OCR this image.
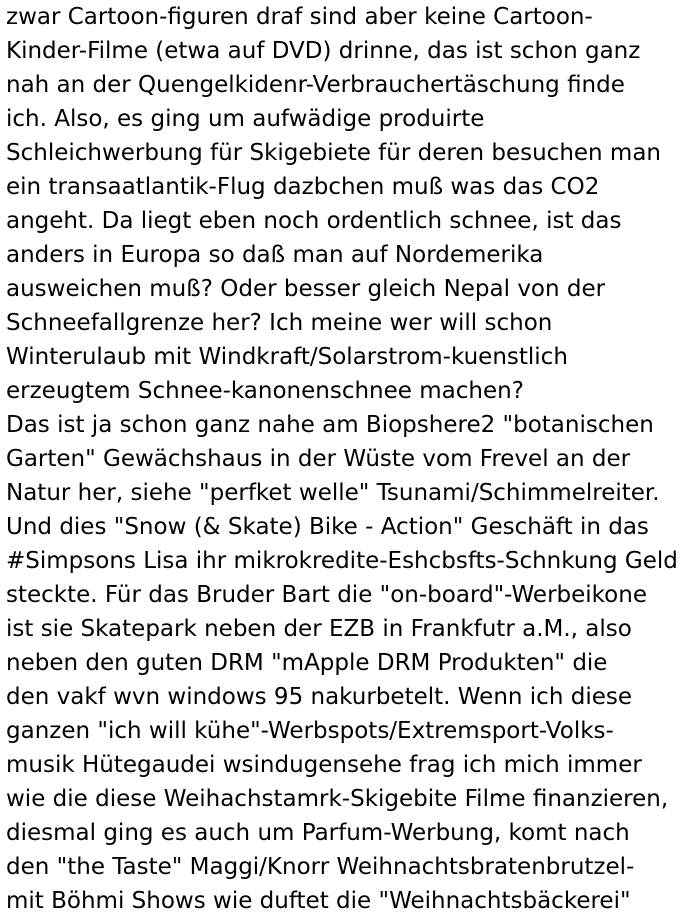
zwar Cartoon-figuren draf sind aber keine Cartoon-
Kinder-Filme (etwa auf DVD) drinne, das ist schon ganz
nah an der Quengelkidenr-Verbrauchertäschung finde
ich. Also, es ging um aufwädige produirte
Schleichwerbung für Skigebiete für deren besuchen man
ein transaatlantik-Flug dazbchen muß was das CO2
angeht. Da liegt eben noch ordentlich schnee, ist das
anders in Europa so daß man auf Nordemerika
ausweichen muß? Oder besser gleich Nepal von der
Schneefallgrenze her? Ich meine wer will schon
Winterulaub mit Windkraft/Solarstrom-kuenstlich
erzeugtem Schnee-kanonenschnee machen?
Das ist ja schon ganz nahe am Biopshere2 "botanischen
Garten" Gewächshaus in der Wüste vom Frevel an der
Natur her, siehe "perfket welle" Tsunami/Schimmelreiter.
Und dies "Snow (& Skate) Bike - Action" Geschäft in das
#Simpsons Lisa ihr mikrokredite-Eshcbsfts-Schnkung Geld
steckte. Für das Bruder Bart die "on-board"-Werbeikone
ist sie Skatepark neben der EZB in Frankfutr a.M., also
neben den guten DRM "mApple DRM Produkten" die
den vakf wvn windows 95 nakurbetelt. Wenn ich diese
ganzen "ich will kühe"-Werbspots/Extremsport-Volks-
musik Hütegaudei wsindugensehe frag ich mich immer
wie die diese Weihachstamrk-Skigebite Filme finanzieren,
diesmal ging es auch um Parfum-Werbung, komt nach
den "the Taste" Maggi/Knorr Weihnachtsbratenbrutzel-
mit Böhmi Shows wie duftet die "Weihnachtsbäckerei"
